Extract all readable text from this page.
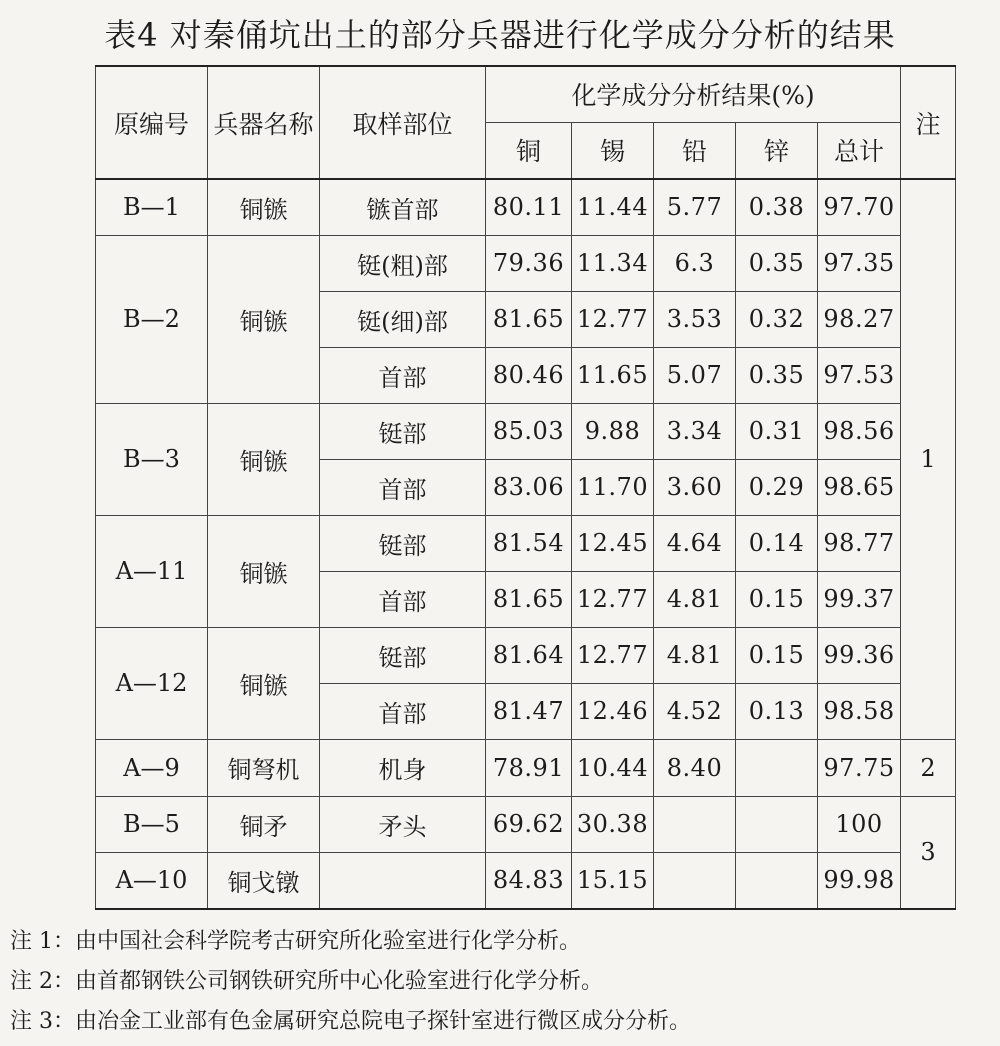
表4 对秦俑坑出土的部分兵器进行化学成分分析的结果
原编号	兵器名称	取样部位	化学成分分析结果(%)					注
			铜	锡	铅	锌	总计	
B—1	铜镞	镞首部	80.11	11.44	5.77	0.38	97.70	1
B—2	铜镞	铤(粗)部	79.36	11.34	6.3	0.35	97.35	
		铤(细)部	81.65	12.77	3.53	0.32	98.27	
		首部	80.46	11.65	5.07	0.35	97.53	
B—3	铜镞	铤部	85.03	9.88	3.34	0.31	98.56	
		首部	83.06	11.70	3.60	0.29	98.65	
A—11	铜镞	铤部	81.54	12.45	4.64	0.14	98.77	
		首部	81.65	12.77	4.81	0.15	99.37	
A—12	铜镞	铤部	81.64	12.77	4.81	0.15	99.36	
		首部	81.47	12.46	4.52	0.13	98.58	
A—9	铜弩机	机身	78.91	10.44	8.40		97.75	2
B—5	铜矛	矛头	69.62	30.38			100	3
A—10	铜戈镦		84.83	15.15			99.98	
注 1：由中国社会科学院考古研究所化验室进行化学分析。
注 2：由首都钢铁公司钢铁研究所中心化验室进行化学分析。
注 3：由冶金工业部有色金属研究总院电子探针室进行微区成分分析。
